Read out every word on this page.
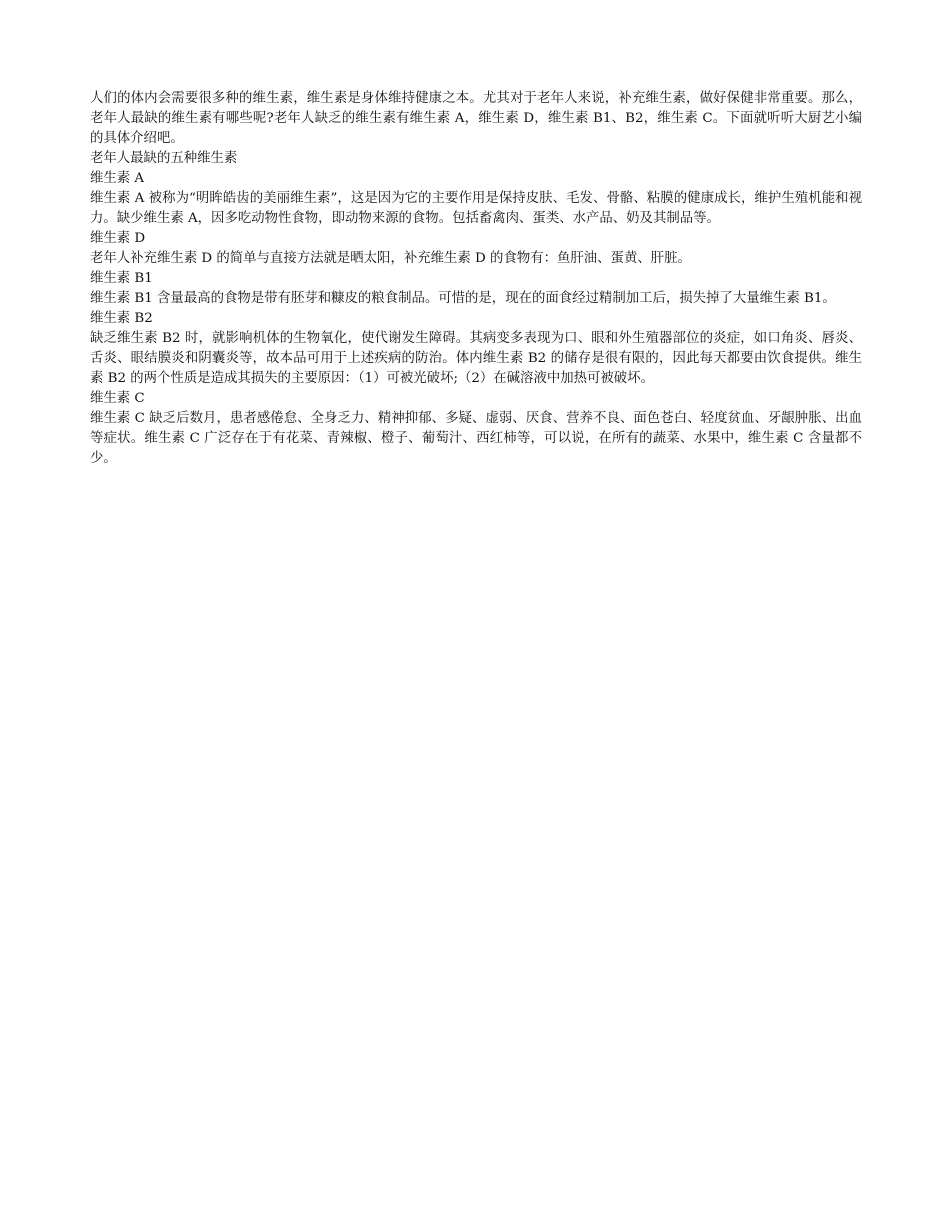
人们的体内会需要很多种的维生素，维生素是身体维持健康之本。尤其对于老年人来说，补充维生素，做好保健非常重要。那么，老年人最缺的维生素有哪些呢?老年人缺乏的维生素有维生素 A，维生素 D，维生素 B1、B2，维生素 C。下面就听听大厨艺小编的具体介绍吧。

老年人最缺的五种维生素

维生素 A

维生素 A 被称为“明眸皓齿的美丽维生素”，这是因为它的主要作用是保持皮肤、毛发、骨骼、粘膜的健康成长，维护生殖机能和视力。缺少维生素 A，因多吃动物性食物，即动物来源的食物。包括畜禽肉、蛋类、水产品、奶及其制品等。

维生素 D

老年人补充维生素 D 的简单与直接方法就是晒太阳，补充维生素 D 的食物有：鱼肝油、蛋黄、肝脏。

维生素 B1

维生素 B1 含量最高的食物是带有胚芽和糠皮的粮食制品。可惜的是，现在的面食经过精制加工后，损失掉了大量维生素 B1。

维生素 B2

缺乏维生素 B2 时，就影响机体的生物氧化，使代谢发生障碍。其病变多表现为口、眼和外生殖器部位的炎症，如口角炎、唇炎、舌炎、眼结膜炎和阴囊炎等，故本品可用于上述疾病的防治。体内维生素 B2 的储存是很有限的，因此每天都要由饮食提供。维生素 B2 的两个性质是造成其损失的主要原因：（1）可被光破坏;（2）在碱溶液中加热可被破坏。

维生素 C

维生素 C 缺乏后数月，患者感倦怠、全身乏力、精神抑郁、多疑、虚弱、厌食、营养不良、面色苍白、轻度贫血、牙龈肿胀、出血等症状。维生素 C 广泛存在于有花菜、青辣椒、橙子、葡萄汁、西红柿等，可以说，在所有的蔬菜、水果中，维生素 C 含量都不少。
